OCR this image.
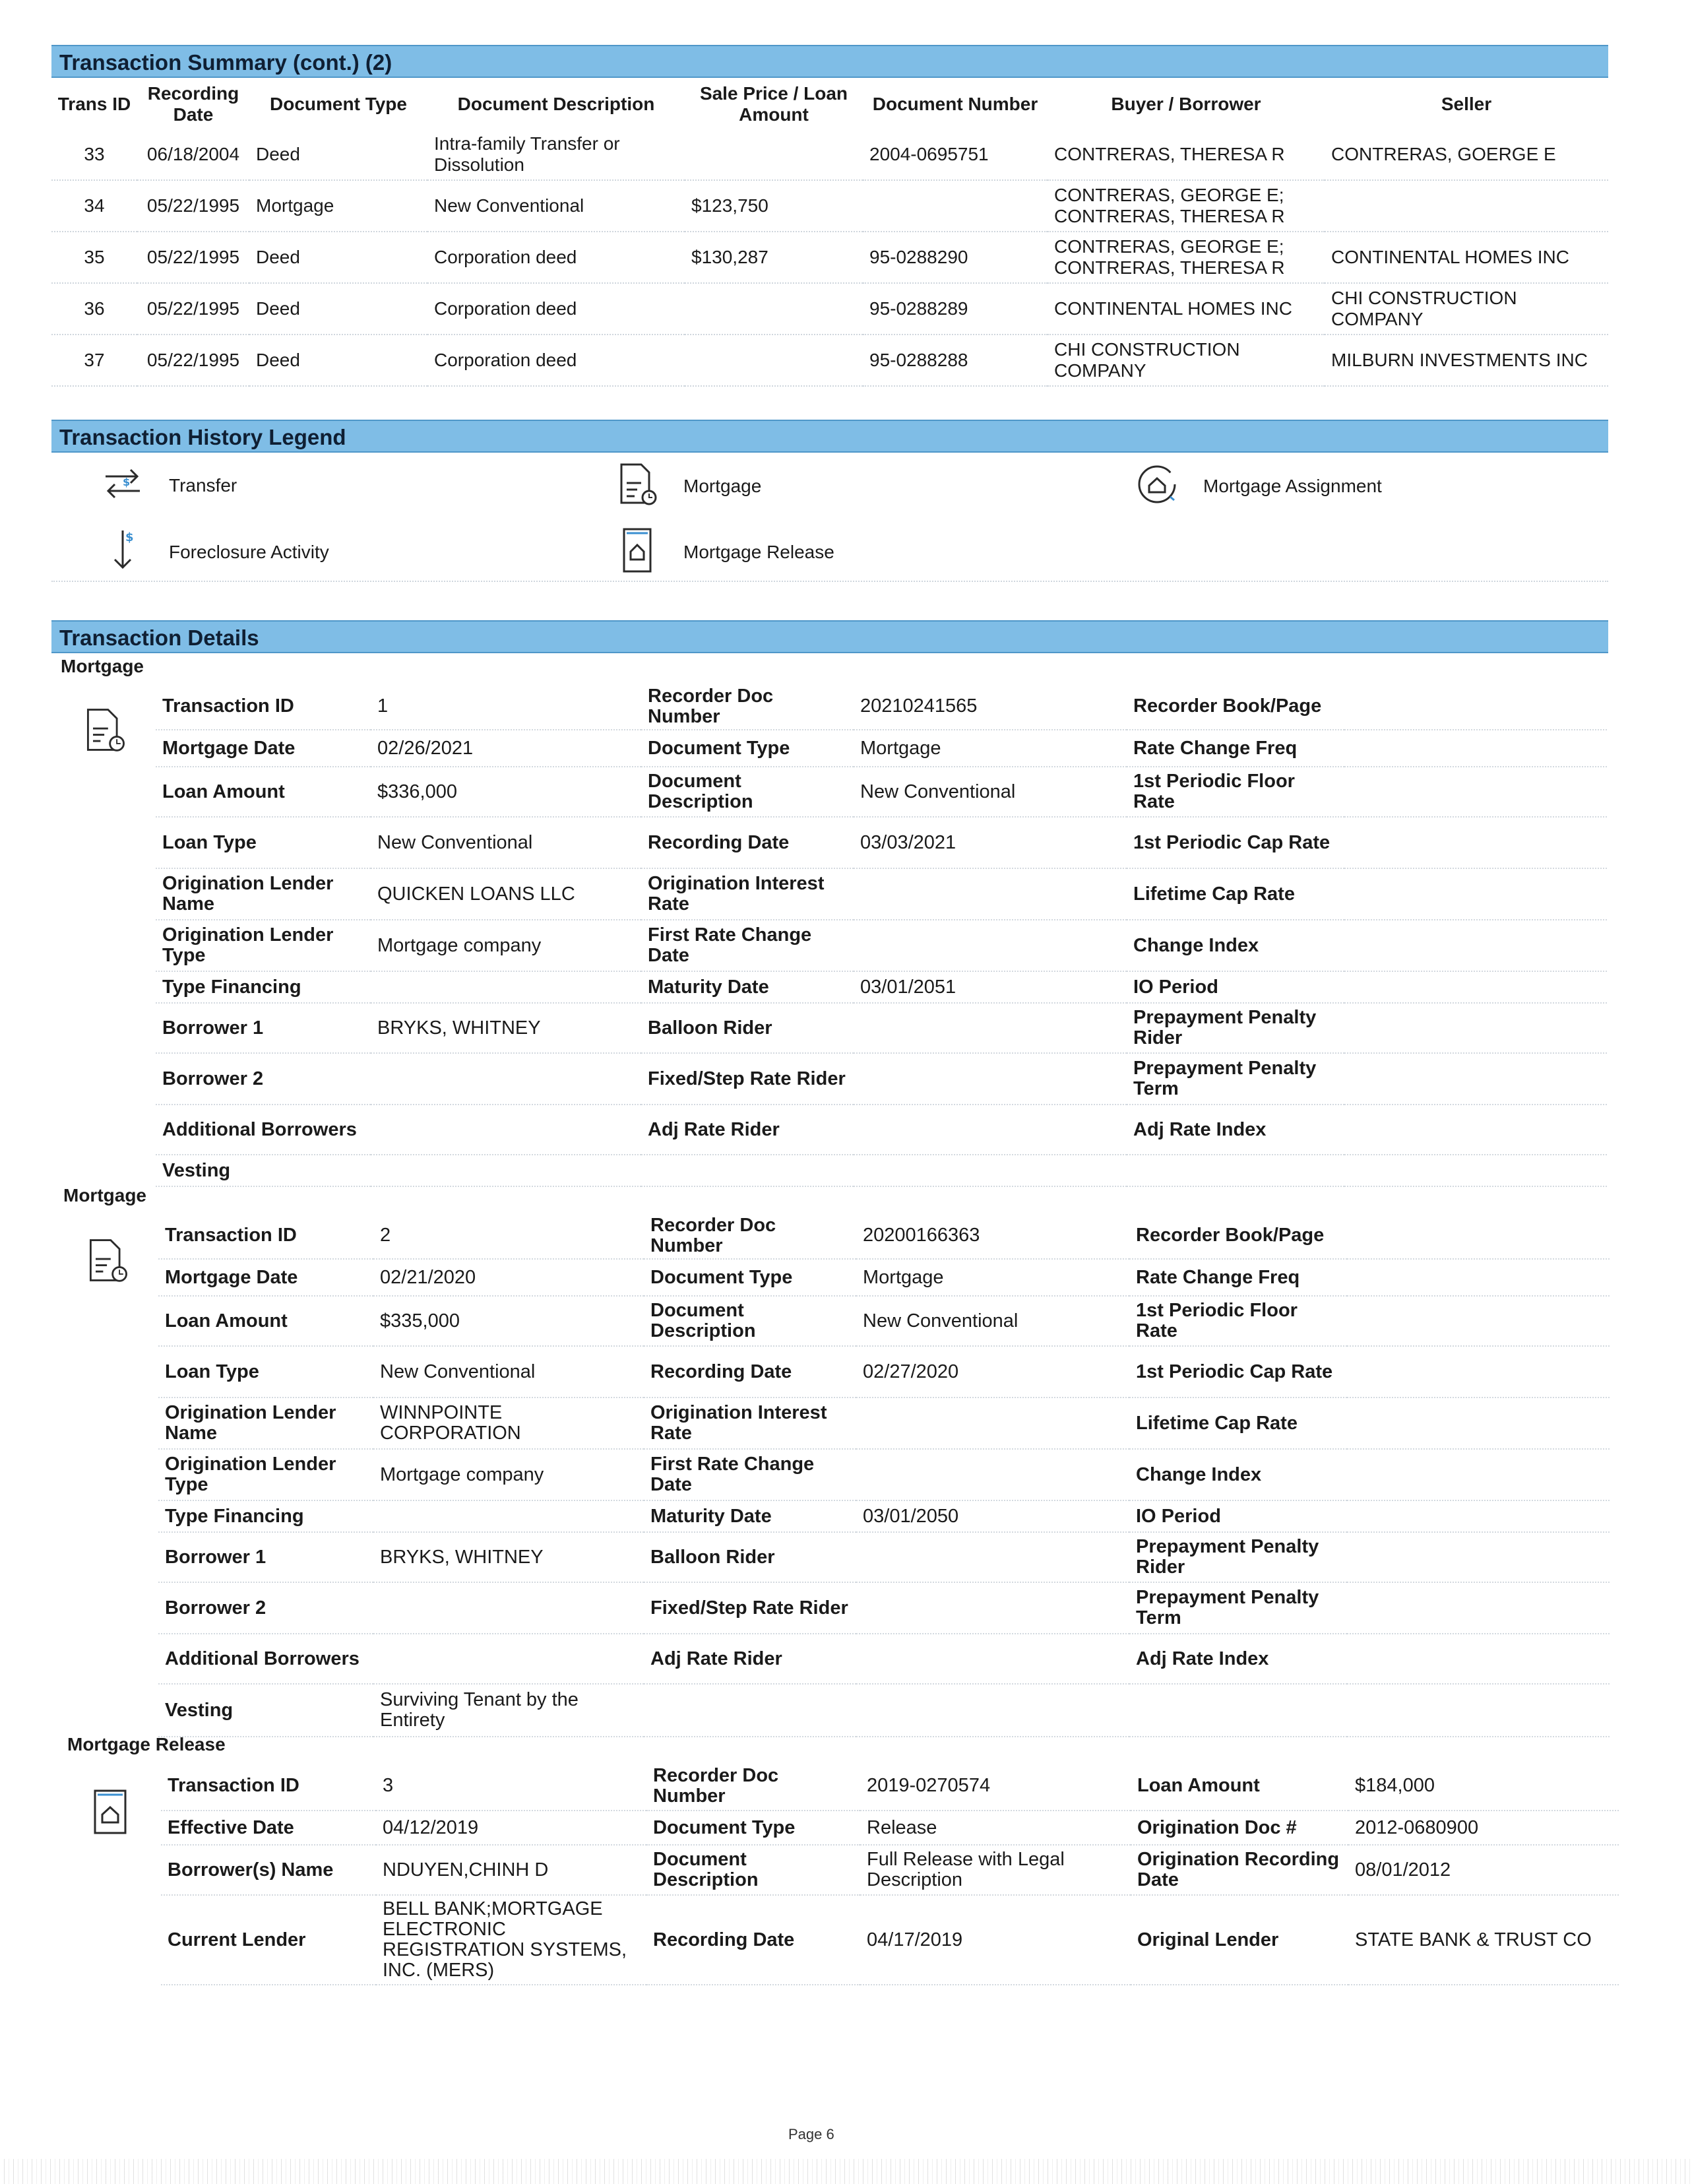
Transaction Summary (cont.) (2)
Trans ID	Recording Date	Document Type	Document Description	Sale Price / Loan Amount	Document Number	Buyer / Borrower	Seller
33	06/18/2004	Deed	Intra-family Transfer or Dissolution		2004-0695751	CONTRERAS, THERESA R	CONTRERAS, GOERGE E
34	05/22/1995	Mortgage	New Conventional	$123,750		CONTRERAS, GEORGE E; CONTRERAS, THERESA R	
35	05/22/1995	Deed	Corporation deed	$130,287	95-0288290	CONTRERAS, GEORGE E; CONTRERAS, THERESA R	CONTINENTAL HOMES INC
36	05/22/1995	Deed	Corporation deed		95-0288289	CONTINENTAL HOMES INC	CHI CONSTRUCTION COMPANY
37	05/22/1995	Deed	Corporation deed		95-0288288	CHI CONSTRUCTION COMPANY	MILBURN INVESTMENTS INC
Transaction History Legend
$ Transfer	Mortgage	Mortgage Assignment
$
Foreclosure Activity	Mortgage Release
Transaction Details
Mortgage
Transaction ID	1	Recorder Doc Number	20210241565	Recorder Book/Page	
Mortgage Date	02/26/2021	Document Type	Mortgage	Rate Change Freq	
Loan Amount	$336,000	Document Description	New Conventional	1st Periodic Floor Rate	
Loan Type	New Conventional	Recording Date	03/03/2021	1st Periodic Cap Rate	
Origination Lender Name	QUICKEN LOANS LLC	Origination Interest Rate		Lifetime Cap Rate	
Origination Lender Type	Mortgage company	First Rate Change Date		Change Index	
Type Financing		Maturity Date	03/01/2051	IO Period	
Borrower 1	BRYKS, WHITNEY	Balloon Rider		Prepayment Penalty Rider	
Borrower 2		Fixed/Step Rate Rider		Prepayment Penalty Term	
Additional Borrowers		Adj Rate Rider		Adj Rate Index	
Vesting					
Mortgage
Transaction ID	2	Recorder Doc Number	20200166363	Recorder Book/Page	
Mortgage Date	02/21/2020	Document Type	Mortgage	Rate Change Freq	
Loan Amount	$335,000	Document Description	New Conventional	1st Periodic Floor Rate	
Loan Type	New Conventional	Recording Date	02/27/2020	1st Periodic Cap Rate	
Origination Lender Name	WINNPOINTE CORPORATION	Origination Interest Rate		Lifetime Cap Rate	
Origination Lender Type	Mortgage company	First Rate Change Date		Change Index	
Type Financing		Maturity Date	03/01/2050	IO Period	
Borrower 1	BRYKS, WHITNEY	Balloon Rider		Prepayment Penalty Rider	
Borrower 2		Fixed/Step Rate Rider		Prepayment Penalty Term	
Additional Borrowers		Adj Rate Rider		Adj Rate Index	
Vesting	Surviving Tenant by the Entirety				
Mortgage Release
Transaction ID	3	Recorder Doc Number	2019-0270574	Loan Amount	$184,000
Effective Date	04/12/2019	Document Type	Release	Origination Doc #	2012-0680900
Borrower(s) Name	NDUYEN,CHINH D	Document Description	Full Release with Legal Description	Origination Recording Date	08/01/2012
Current Lender	BELL BANK;MORTGAGE ELECTRONIC REGISTRATION SYSTEMS, INC. (MERS)	Recording Date	04/17/2019	Original Lender	STATE BANK & TRUST CO
Page 6
